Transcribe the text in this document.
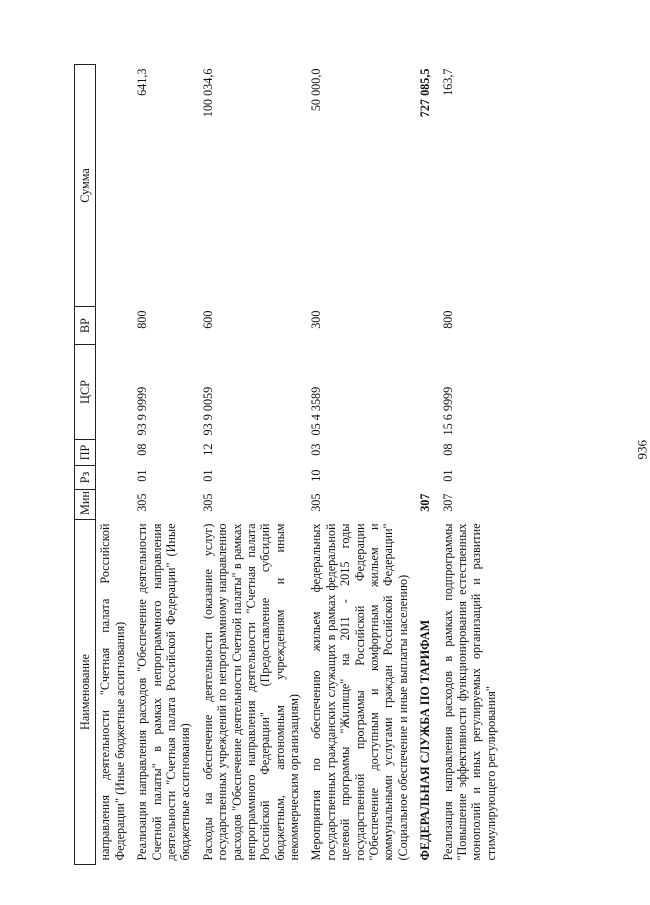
936
Наименование	Мин	Рз	ПР	ЦСР	ВР	Сумма
направления деятельности "Счетная палата Российской Федерации" (Иные бюджетные ассигнования)						
Реализация направления расходов "Обеспечение деятельности Счетной палаты" в рамках непрограммного направления деятельности "Счетная палата Российской Федерации" (Иные бюджетные ассигнования)	305	01	08	93 9 9999	800	641,3
Расходы на обеспечение деятельности (оказание услуг) государственных учреждений по непрограммному направлению расходов "Обеспечение деятельности Счетной палаты" в рамках непрограммного направления деятельности "Счетная палата Российской Федерации" (Предоставление субсидий бюджетным, автономным учреждениям и иным некоммерческим организациям)	305	01	12	93 9 0059	600	100 034,6
Мероприятия по обеспечению жильем федеральных государственных гражданских служащих в рамках федеральной целевой программы "Жилище" на 2011 - 2015 годы государственной программы Российской Федерации "Обеспечение доступным и комфортным жильем и коммунальными услугами граждан Российской Федерации" (Социальное обеспечение и иные выплаты населению)	305	10	03	05 4 3589	300	50 000,0
ФЕДЕРАЛЬНАЯ СЛУЖБА ПО ТАРИФАМ	307					727 085,5
Реализация направления расходов в рамках подпрограммы "Повышение эффективности функционирования естественных монополий и иных регулируемых организаций и развитие стимулирующего регулирования"	307	01	08	15 6 9999	800	163,7
